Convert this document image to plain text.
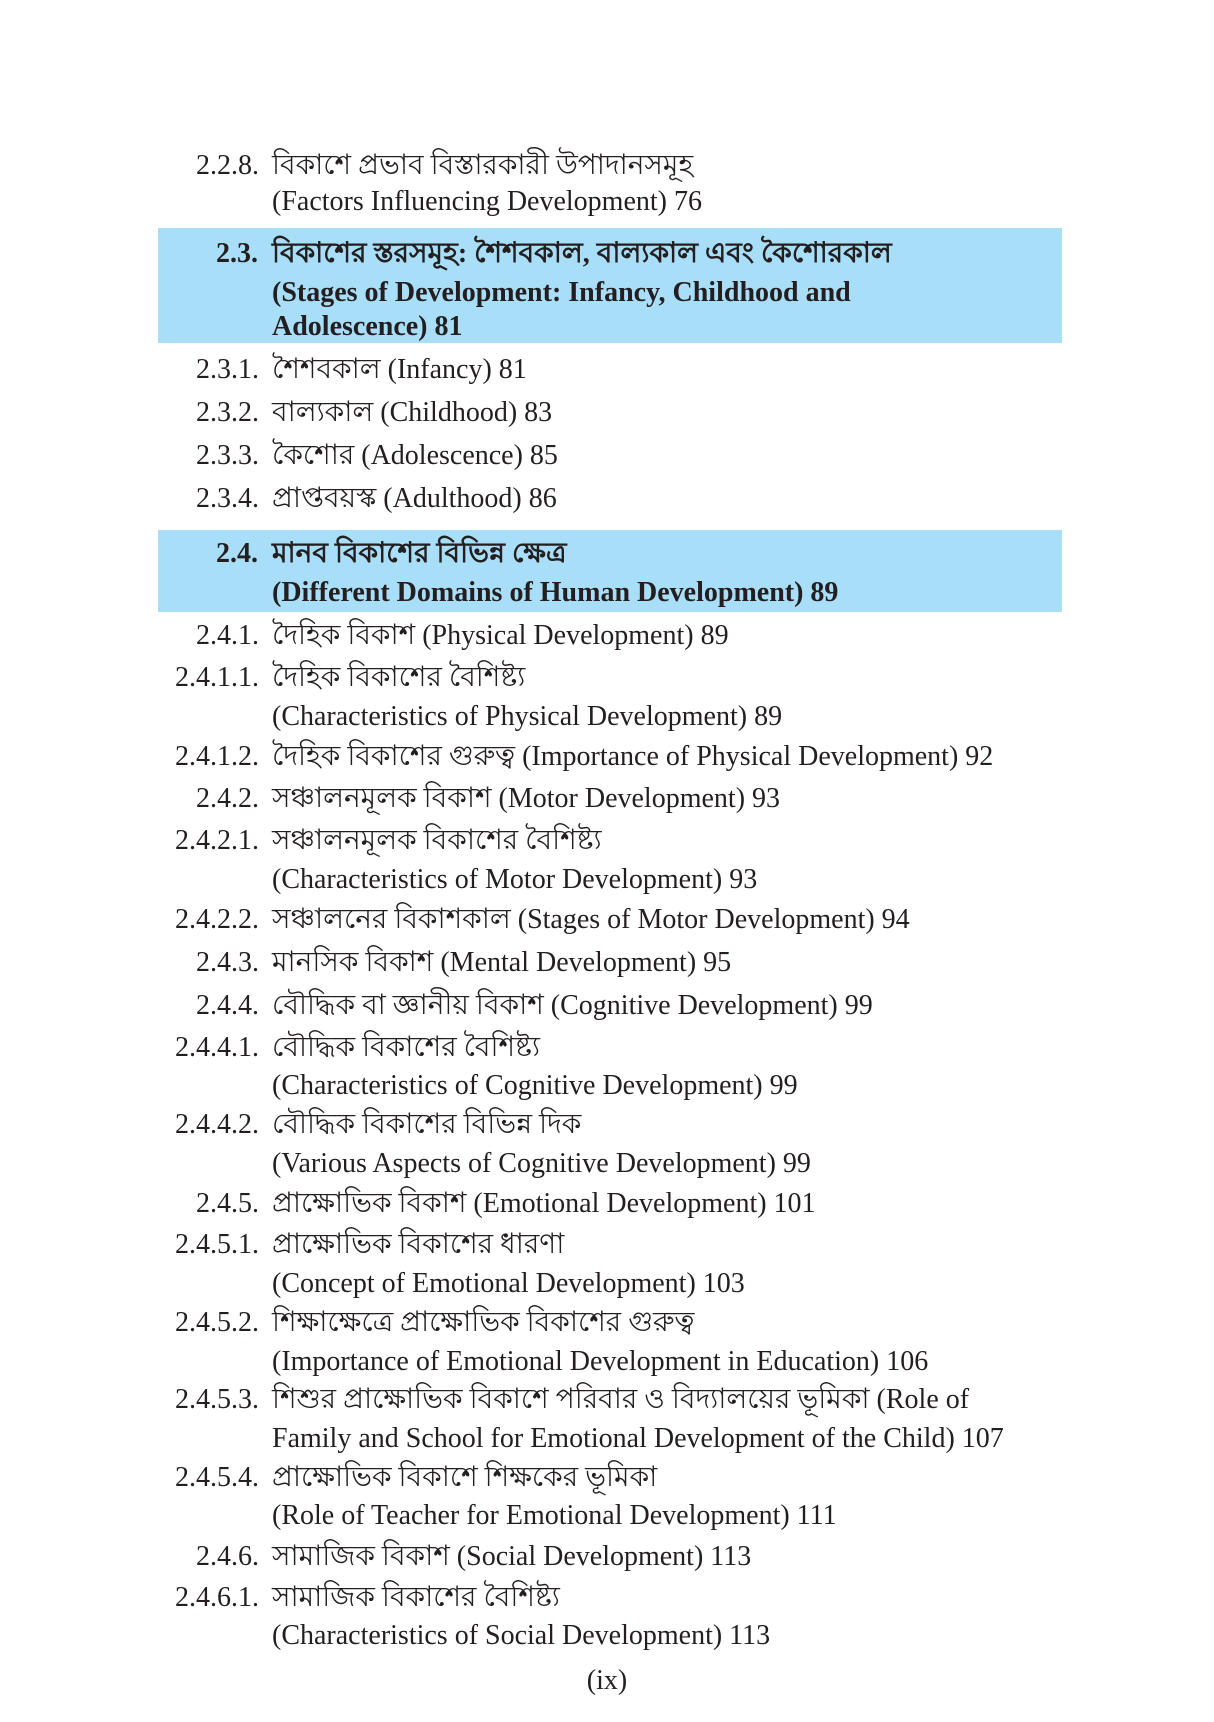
2.2.8. বিকাশে প্রভাব বিস্তারকারী উপাদানসমূহ
(Factors Influencing Development) 76
2.3. বিকাশের স্তরসমূহ: শৈশবকাল, বাল্যকাল এবং কৈশোরকাল
(Stages of Development: Infancy, Childhood and
Adolescence) 81
2.3.1. শৈশবকাল (Infancy) 81
2.3.2. বাল্যকাল (Childhood) 83
2.3.3. কৈশোর (Adolescence) 85
2.3.4. প্রাপ্তবয়স্ক (Adulthood) 86
2.4. মানব বিকাশের বিভিন্ন ক্ষেত্র
(Different Domains of Human Development) 89
2.4.1. দৈহিক বিকাশ (Physical Development) 89
2.4.1.1. দৈহিক বিকাশের বৈশিষ্ট্য
(Characteristics of Physical Development) 89
2.4.1.2. দৈহিক বিকাশের গুরুত্ব (Importance of Physical Development) 92
2.4.2. সঞ্চালনমূলক বিকাশ (Motor Development) 93
2.4.2.1. সঞ্চালনমূলক বিকাশের বৈশিষ্ট্য
(Characteristics of Motor Development) 93
2.4.2.2. সঞ্চালনের বিকাশকাল (Stages of Motor Development) 94
2.4.3. মানসিক বিকাশ (Mental Development) 95
2.4.4. বৌদ্ধিক বা জ্ঞানীয় বিকাশ (Cognitive Development) 99
2.4.4.1. বৌদ্ধিক বিকাশের বৈশিষ্ট্য
(Characteristics of Cognitive Development) 99
2.4.4.2. বৌদ্ধিক বিকাশের বিভিন্ন দিক
(Various Aspects of Cognitive Development) 99
2.4.5. প্রাক্ষোভিক বিকাশ (Emotional Development) 101
2.4.5.1. প্রাক্ষোভিক বিকাশের ধারণা
(Concept of Emotional Development) 103
2.4.5.2. শিক্ষাক্ষেত্রে প্রাক্ষোভিক বিকাশের গুরুত্ব
(Importance of Emotional Development in Education) 106
2.4.5.3. শিশুর প্রাক্ষোভিক বিকাশে পরিবার ও বিদ্যালয়ের ভূমিকা (Role of
Family and School for Emotional Development of the Child) 107
2.4.5.4. প্রাক্ষোভিক বিকাশে শিক্ষকের ভূমিকা
(Role of Teacher for Emotional Development) 111
2.4.6. সামাজিক বিকাশ (Social Development) 113
2.4.6.1. সামাজিক বিকাশের বৈশিষ্ট্য
(Characteristics of Social Development) 113
(ix)
